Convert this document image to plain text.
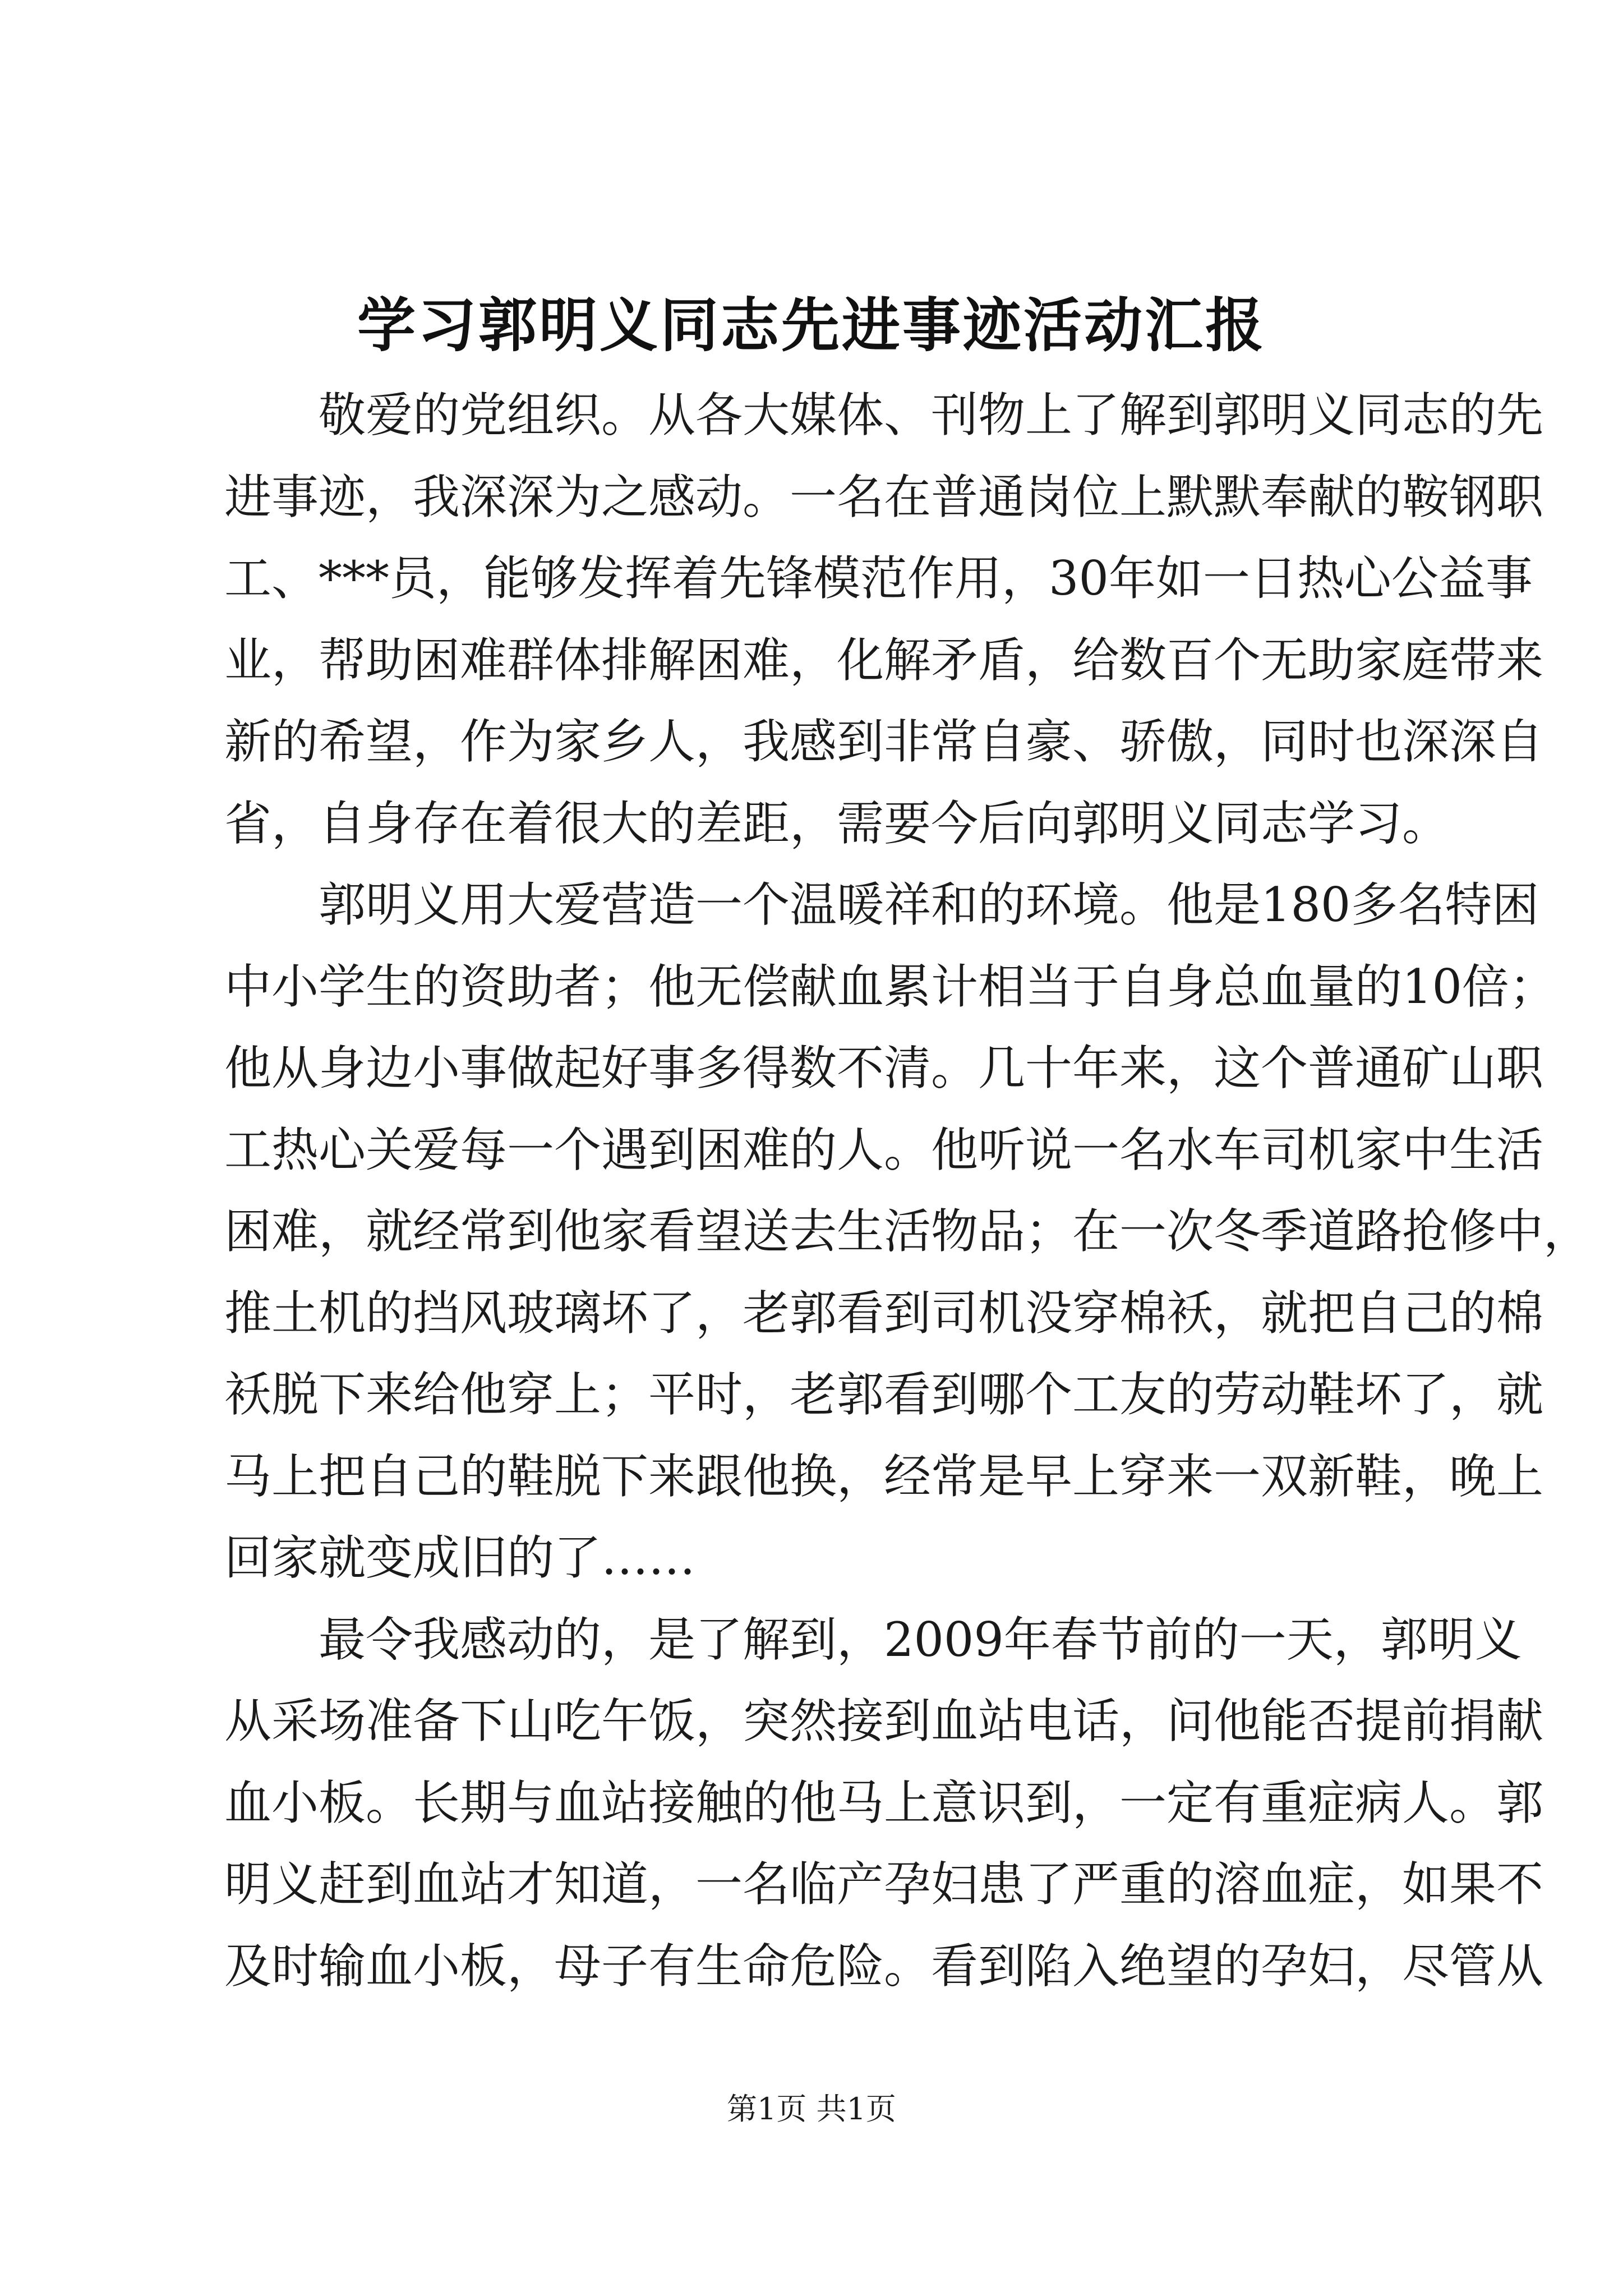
学习郭明义同志先进事迹活动汇报
敬爱的党组织。从各大媒体、刊物上了解到郭明义同志的先
进事迹，我深深为之感动。一名在普通岗位上默默奉献的鞍钢职
工、***员，能够发挥着先锋模范作用，30年如一日热心公益事
业，帮助困难群体排解困难，化解矛盾，给数百个无助家庭带来
新的希望，作为家乡人，我感到非常自豪、骄傲，同时也深深自
省，自身存在着很大的差距，需要今后向郭明义同志学习。
郭明义用大爱营造一个温暖祥和的环境。他是180多名特困
中小学生的资助者；他无偿献血累计相当于自身总血量的10倍；
他从身边小事做起好事多得数不清。几十年来，这个普通矿山职
工热心关爱每一个遇到困难的人。他听说一名水车司机家中生活
困难，就经常到他家看望送去生活物品；在一次冬季道路抢修中，
推土机的挡风玻璃坏了，老郭看到司机没穿棉袄，就把自己的棉
袄脱下来给他穿上；平时，老郭看到哪个工友的劳动鞋坏了，就
马上把自己的鞋脱下来跟他换，经常是早上穿来一双新鞋，晚上
回家就变成旧的了……
最令我感动的，是了解到，2009年春节前的一天，郭明义
从采场准备下山吃午饭，突然接到血站电话，问他能否提前捐献
血小板。长期与血站接触的他马上意识到，一定有重症病人。郭
明义赶到血站才知道，一名临产孕妇患了严重的溶血症，如果不
及时输血小板，母子有生命危险。看到陷入绝望的孕妇，尽管从
第1页 共1页
